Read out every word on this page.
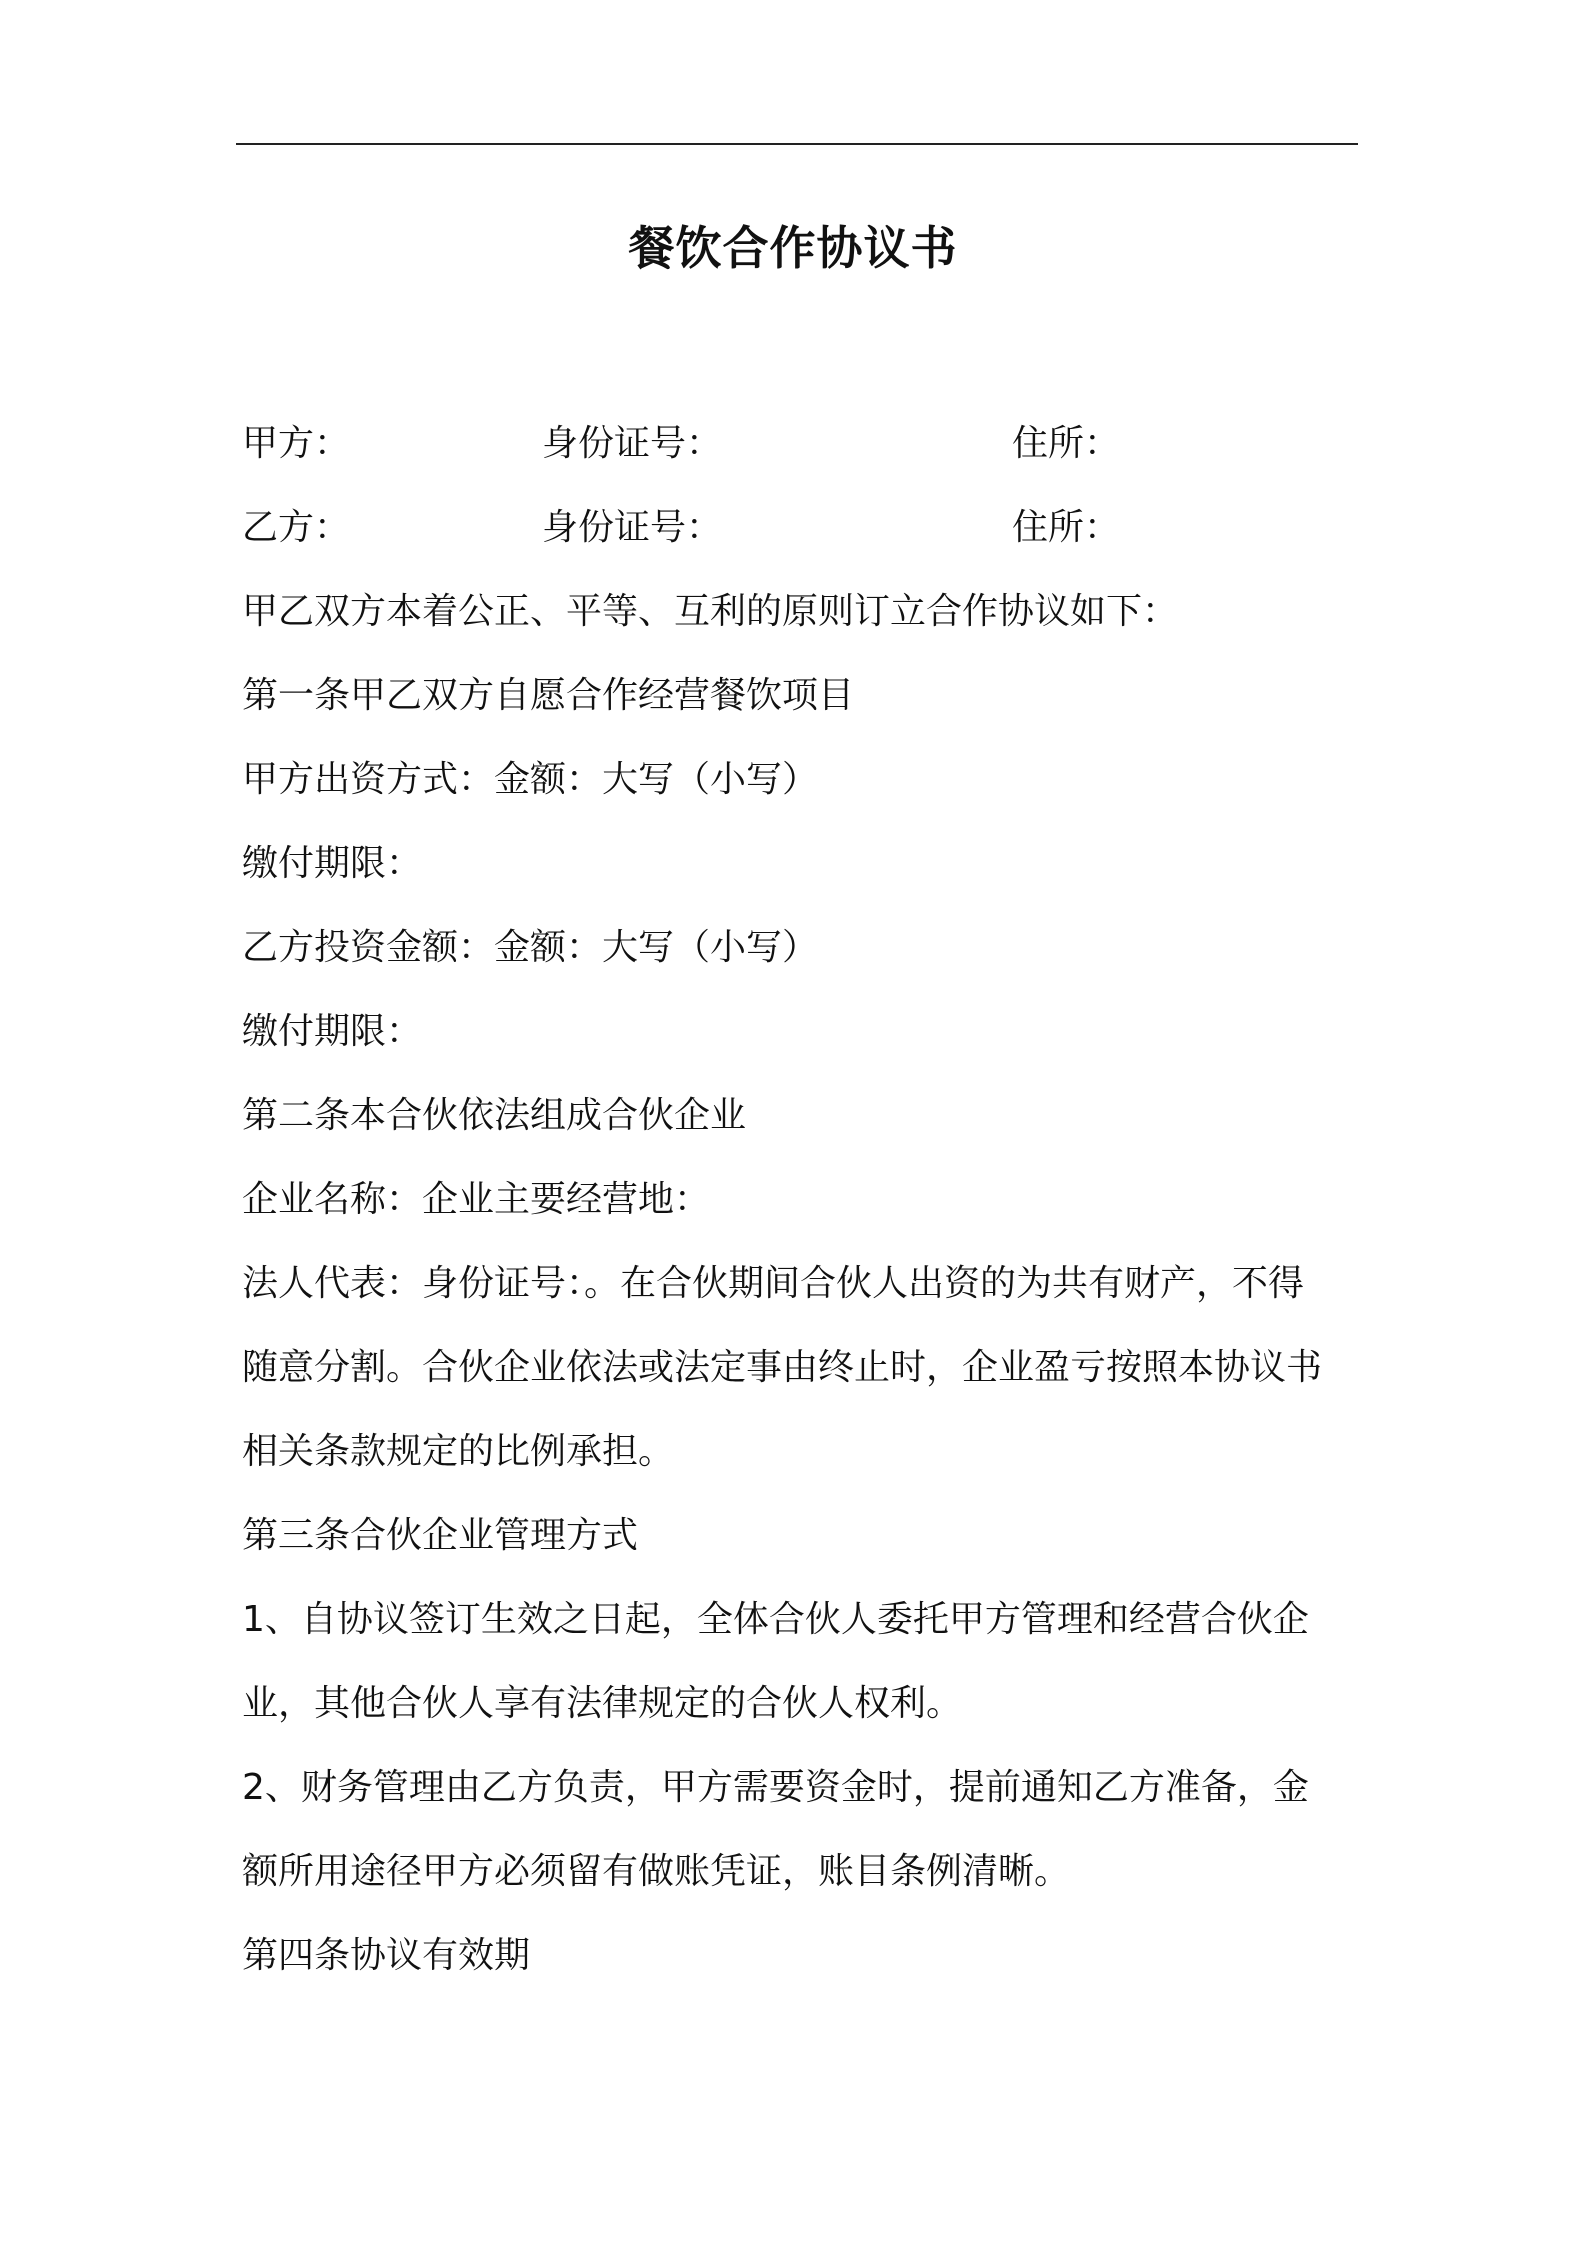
餐饮合作协议书
甲方：	身份证号：	住所：
乙方：	身份证号：	住所：
甲乙双方本着公正、平等、互利的原则订立合作协议如下：
第一条甲乙双方自愿合作经营餐饮项目
甲方出资方式：金额：大写（小写）
缴付期限：
乙方投资金额：金额：大写（小写）
缴付期限：
第二条本合伙依法组成合伙企业
企业名称：企业主要经营地：
法人代表：身份证号：。在合伙期间合伙人出资的为共有财产，不得
随意分割。合伙企业依法或法定事由终止时，企业盈亏按照本协议书
相关条款规定的比例承担。
第三条合伙企业管理方式
1、自协议签订生效之日起，全体合伙人委托甲方管理和经营合伙企
业，其他合伙人享有法律规定的合伙人权利。
2、财务管理由乙方负责，甲方需要资金时，提前通知乙方准备，金
额所用途径甲方必须留有做账凭证，账目条例清晰。
第四条协议有效期
